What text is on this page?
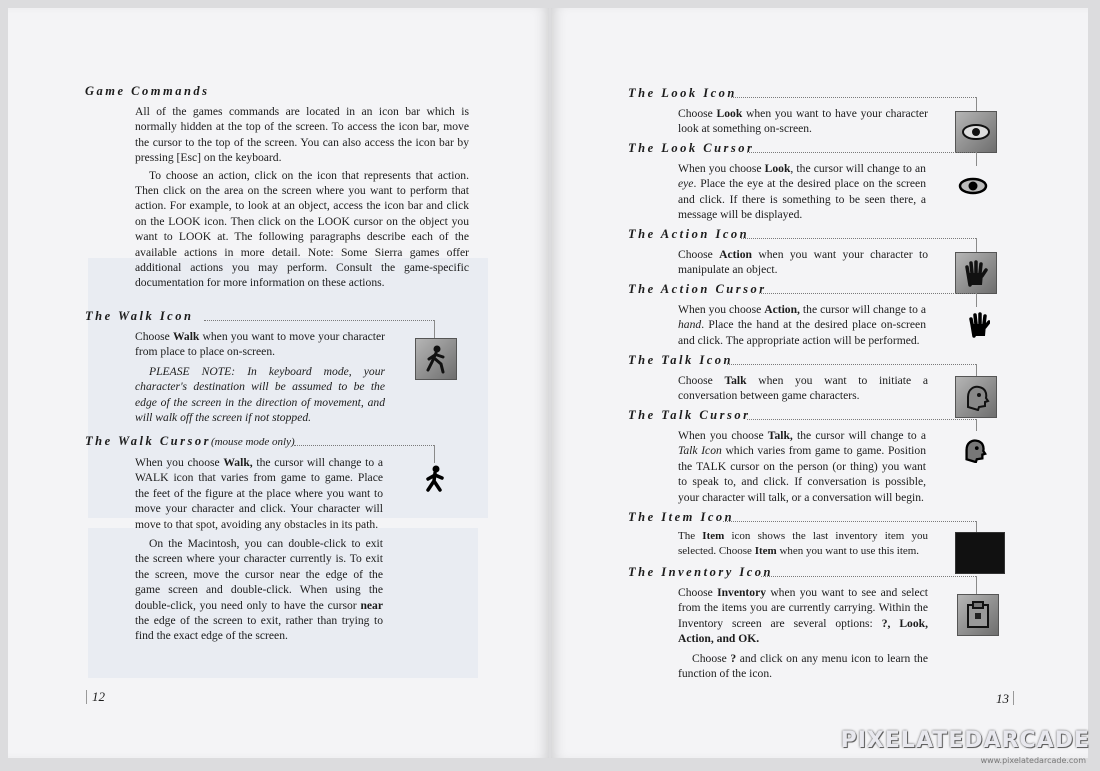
Game Commands

All of the games commands are located in an icon bar which is normally hidden at the top of the screen. To access the icon bar, move the cursor to the top of the screen. You can also access the icon bar by pressing [Esc] on the keyboard.

To choose an action, click on the icon that represents that action. Then click on the area on the screen where you want to perform that action. For example, to look at an object, access the icon bar and click on the LOOK icon. Then click on the LOOK cursor on the object you want to LOOK at. The following paragraphs describe each of the available actions in more detail. Note: Some Sierra games offer additional actions you may perform. Consult the game-specific documentation for more information on these actions.

The Walk Icon

Choose Walk when you want to move your character from place to place on-screen.

PLEASE NOTE: In keyboard mode, your character's destination will be assumed to be the edge of the screen in the direction of movement, and will walk off the screen if not stopped.

The Walk Cursor(mouse mode only)

When you choose Walk, the cursor will change to a WALK icon that varies from game to game. Place the feet of the figure at the place where you want to move your character and click. Your character will move to that spot, avoiding any obstacles in its path.

On the Macintosh, you can double-click to exit the screen where your character currently is. To exit the screen, move the cursor near the edge of the game screen and double-click. When using the double-click, you need only to have the cursor near the edge of the screen to exit, rather than trying to find the exact edge of the screen.

12
The Look Icon

Choose Look when you want to have your character look at something on-screen.

The Look Cursor

When you choose Look, the cursor will change to an eye. Place the eye at the desired place on the screen and click. If there is something to be seen there, a message will be displayed.

The Action Icon

Choose Action when you want your character to manipulate an object.

The Action Cursor

When you choose Action, the cursor will change to a hand. Place the hand at the desired place on-screen and click. The appropriate action will be performed.

The Talk Icon

Choose Talk when you want to initiate a conversation between game characters.

The Talk Cursor

When you choose Talk, the cursor will change to a Talk Icon which varies from game to game. Position the TALK cursor on the person (or thing) you want to speak to, and click. If conversation is possible, your character will talk, or a conversation will begin.

The Item Icon

The Item icon shows the last inventory item you selected. Choose Item when you want to use this item.

The Inventory Icon

Choose Inventory when you want to see and select from the items you are currently carrying. Within the Inventory screen are several options: ?, Look, Action, and OK.

Choose ? and click on any menu icon to learn the function of the icon.

13
PIXELATEDARCADE
www.pixelatedarcade.com
